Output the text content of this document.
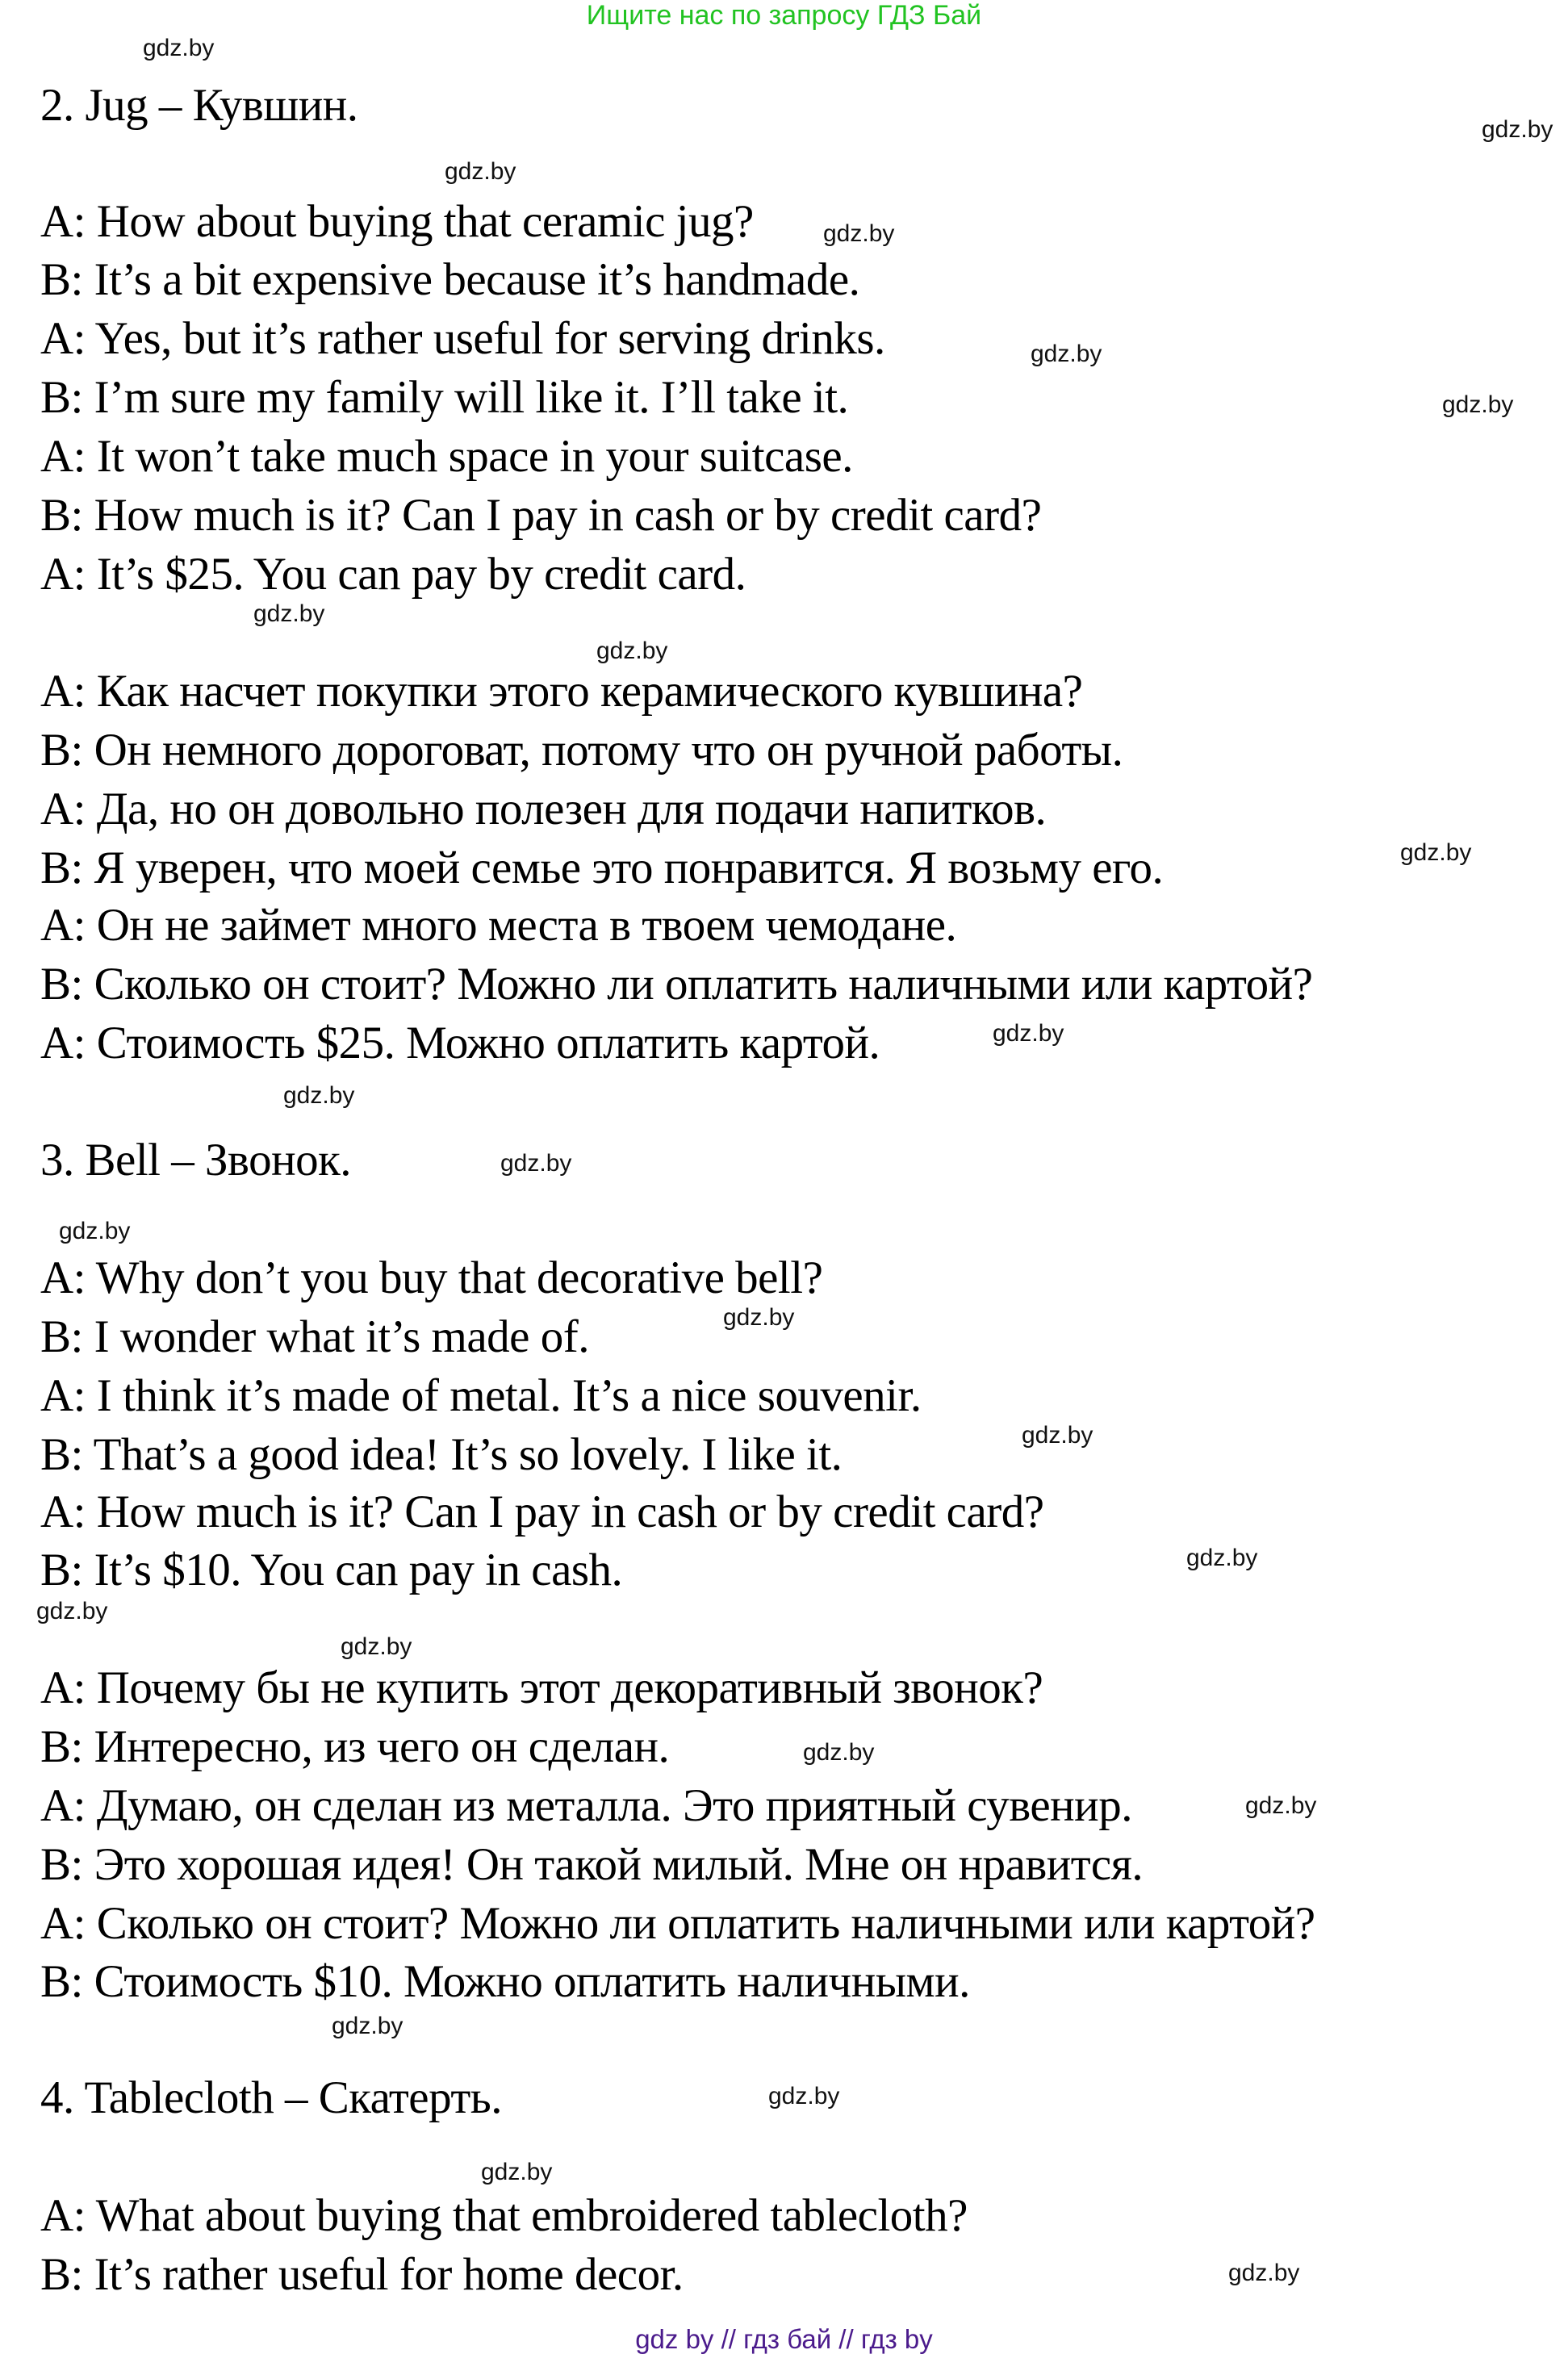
Ищите нас по запросу ГДЗ Бай
2. Jug – Кувшин.
A: How about buying that ceramic jug?
B: It’s a bit expensive because it’s handmade.
A: Yes, but it’s rather useful for serving drinks.
B: I’m sure my family will like it. I’ll take it.
A: It won’t take much space in your suitcase.
B: How much is it? Can I pay in cash or by credit card?
A: It’s $25. You can pay by credit card.
A: Как насчет покупки этого керамического кувшина?
B: Он немного дороговат, потому что он ручной работы.
A: Да, но он довольно полезен для подачи напитков.
B: Я уверен, что моей семье это понравится. Я возьму его.
A: Он не займет много места в твоем чемодане.
B: Сколько он стоит? Можно ли оплатить наличными или картой?
A: Стоимость $25. Можно оплатить картой.
3. Bell – Звонок.
A: Why don’t you buy that decorative bell?
B: I wonder what it’s made of.
A: I think it’s made of metal. It’s a nice souvenir.
B: That’s a good idea! It’s so lovely. I like it.
A: How much is it? Can I pay in cash or by credit card?
B: It’s $10. You can pay in cash.
A: Почему бы не купить этот декоративный звонок?
B: Интересно, из чего он сделан.
A: Думаю, он сделан из металла. Это приятный сувенир.
B: Это хорошая идея! Он такой милый. Мне он нравится.
A: Сколько он стоит? Можно ли оплатить наличными или картой?
B: Стоимость $10. Можно оплатить наличными.
4. Tablecloth – Скатерть.
A: What about buying that embroidered tablecloth?
B: It’s rather useful for home decor.
gdz.by
gdz.by
gdz.by
gdz.by
gdz.by
gdz.by
gdz.by
gdz.by
gdz.by
gdz.by
gdz.by
gdz.by
gdz.by
gdz.by
gdz.by
gdz.by
gdz.by
gdz.by
gdz.by
gdz.by
gdz.by
gdz.by
gdz.by
gdz.by
gdz by // гдз бай // гдз by
